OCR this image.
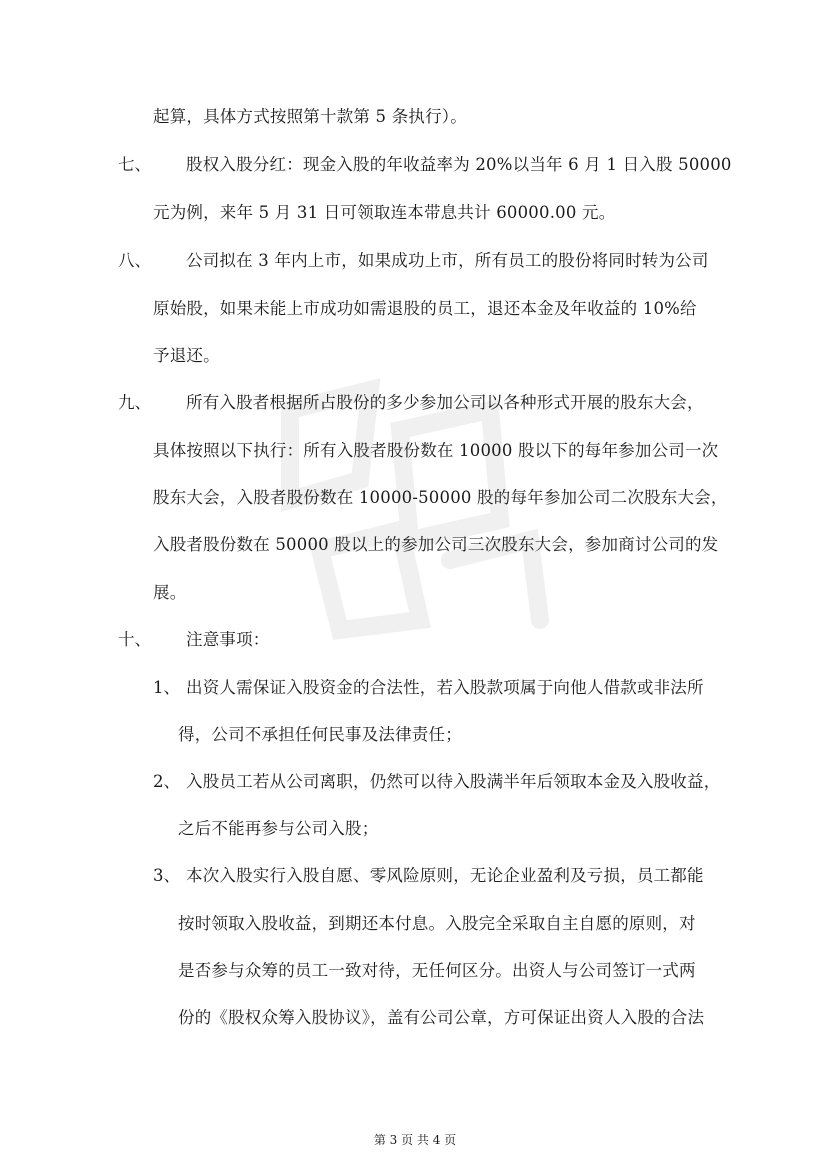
起算，具体方式按照第十款第 5 条执行）。
七、 股权入股分红：现金入股的年收益率为 20%以当年 6 月 1 日入股 50000
元为例，来年 5 月 31 日可领取连本带息共计 60000.00 元。
八、 公司拟在 3 年内上市，如果成功上市，所有员工的股份将同时转为公司
原始股，如果未能上市成功如需退股的员工，退还本金及年收益的 10%给
予退还。
九、 所有入股者根据所占股份的多少参加公司以各种形式开展的股东大会，
具体按照以下执行：所有入股者股份数在 10000 股以下的每年参加公司一次
股东大会，入股者股份数在 10000-50000 股的每年参加公司二次股东大会，
入股者股份数在 50000 股以上的参加公司三次股东大会，参加商讨公司的发
展。
十、 注意事项：
1、 出资人需保证入股资金的合法性，若入股款项属于向他人借款或非法所
得，公司不承担任何民事及法律责任；
2、 入股员工若从公司离职，仍然可以待入股满半年后领取本金及入股收益，
之后不能再参与公司入股；
3、 本次入股实行入股自愿、零风险原则，无论企业盈利及亏损，员工都能
按时领取入股收益，到期还本付息。入股完全采取自主自愿的原则，对
是否参与众筹的员工一致对待，无任何区分。出资人与公司签订一式两
份的《股权众筹入股协议》，盖有公司公章，方可保证出资人入股的合法
第 3 页 共 4 页
